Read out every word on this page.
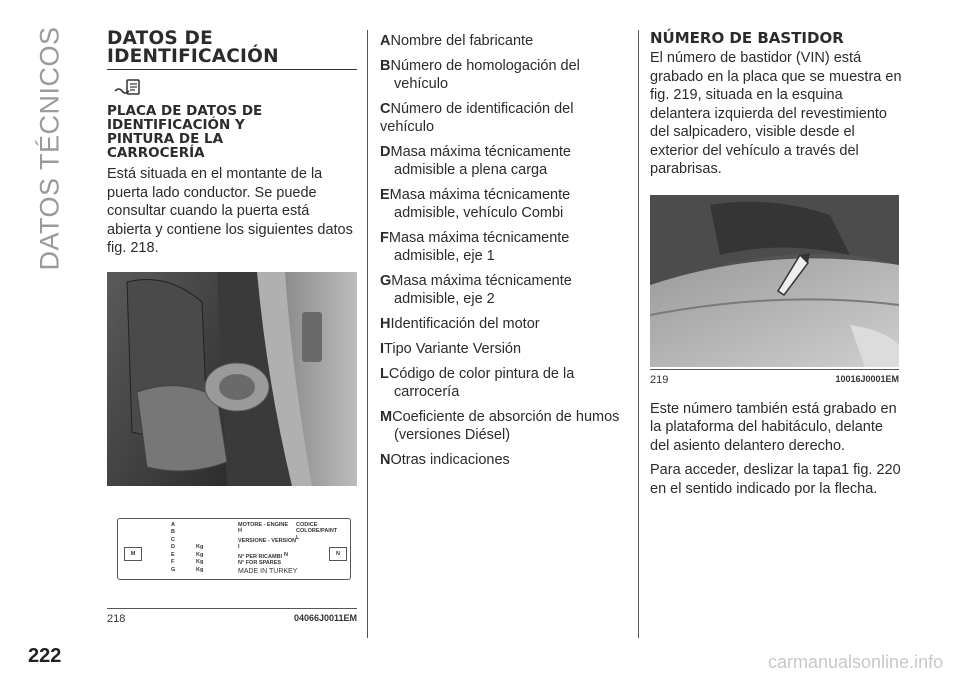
DATOS TÉCNICOS
222
DATOS DE
IDENTIFICACIÓN
PLACA DE DATOS DE
IDENTIFICACIÓN Y
PINTURA DE LA
CARROCERÍA
Está situada en el montante de la puerta lado conductor. Se puede consultar cuando la puerta está abierta y contiene los siguientes datos fig. 218.
M
A
B
C
D
E
F
G
Kg
Kg
Kg
Kg
MOTORE - ENGINE
H
VERSIONE - VERSION
I
N° PER RICAMBI
N° FOR SPARES
MADE IN TURKEY
N
CODICE COLORE/PAINT
L
N
218	04066J0011EM
ANombre del fabricante
BNúmero de homologación del
vehículo
CNúmero de identificación del vehículo
DMasa máxima técnicamente
admisible a plena carga
EMasa máxima técnicamente
admisible, vehículo Combi
FMasa máxima técnicamente
admisible, eje 1
GMasa máxima técnicamente
admisible, eje 2
HIdentificación del motor
ITipo Variante Versión
LCódigo de color pintura de la
carrocería
MCoeficiente de absorción de humos
(versiones Diésel)
NOtras indicaciones
NÚMERO DE BASTIDOR
El número de bastidor (VIN) está grabado en la placa que se muestra en fig. 219, situada en la esquina delantera izquierda del revestimiento del salpicadero, visible desde el exterior del vehículo a través del parabrisas.
219	10016J0001EM
Este número también está grabado en la plataforma del habitáculo, delante del asiento delantero derecho.
Para acceder, deslizar la tapa1 fig. 220 en el sentido indicado por la flecha.
carmanualsonline.info
